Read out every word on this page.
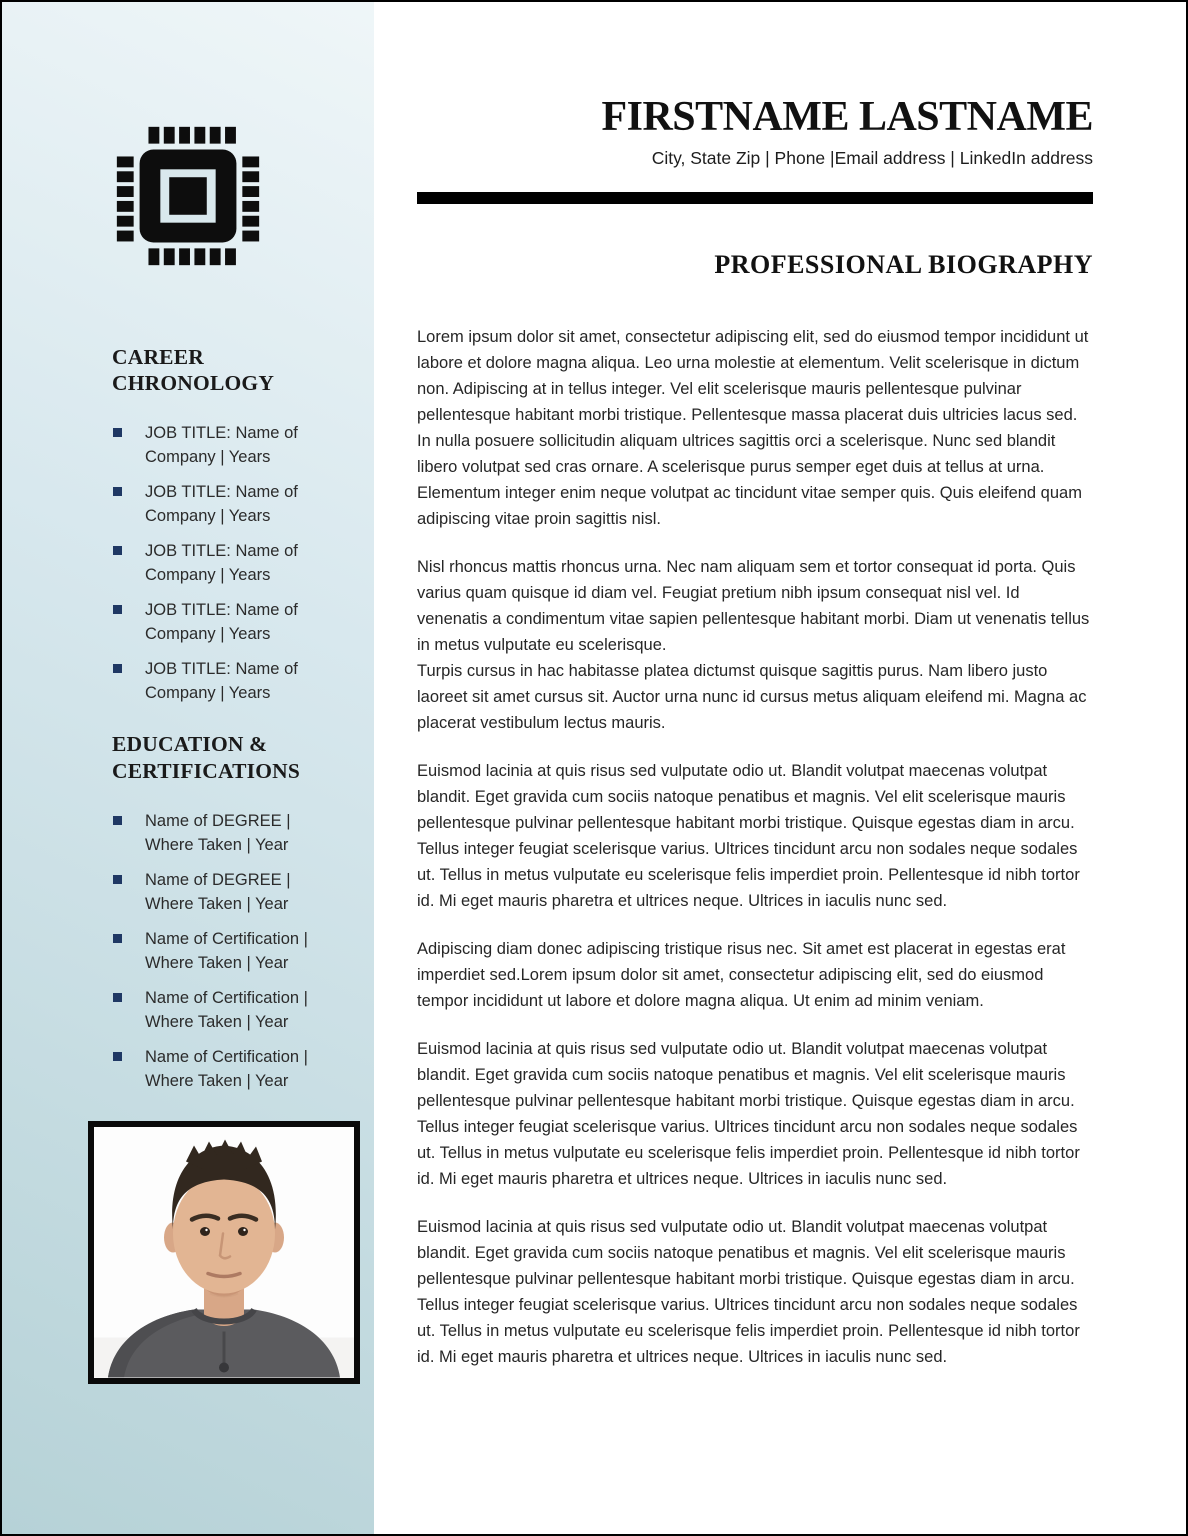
CAREER CHRONOLOGY
JOB TITLE: Name of Company | Years
JOB TITLE: Name of Company | Years
JOB TITLE: Name of Company | Years
JOB TITLE: Name of Company | Years
JOB TITLE: Name of Company | Years
EDUCATION & CERTIFICATIONS
Name of DEGREE | Where Taken | Year
Name of DEGREE | Where Taken | Year
Name of Certification | Where Taken | Year
Name of Certification | Where Taken | Year
Name of Certification | Where Taken | Year
FIRSTNAME LASTNAME
City, State Zip | Phone |Email address | LinkedIn address
PROFESSIONAL BIOGRAPHY

Lorem ipsum dolor sit amet, consectetur adipiscing elit, sed do eiusmod tempor incididunt ut labore et dolore magna aliqua. Leo urna molestie at elementum. Velit scelerisque in dictum non. Adipiscing at in tellus integer. Vel elit scelerisque mauris pellentesque pulvinar pellentesque habitant morbi tristique. Pellentesque massa placerat duis ultricies lacus sed. In nulla posuere sollicitudin aliquam ultrices sagittis orci a scelerisque. Nunc sed blandit libero volutpat sed cras ornare. A scelerisque purus semper eget duis at tellus at urna. Elementum integer enim neque volutpat ac tincidunt vitae semper quis. Quis eleifend quam adipiscing vitae proin sagittis nisl.

Nisl rhoncus mattis rhoncus urna. Nec nam aliquam sem et tortor consequat id porta. Quis varius quam quisque id diam vel. Feugiat pretium nibh ipsum consequat nisl vel. Id venenatis a condimentum vitae sapien pellentesque habitant morbi. Diam ut venenatis tellus in metus vulputate eu scelerisque.
Turpis cursus in hac habitasse platea dictumst quisque sagittis purus. Nam libero justo laoreet sit amet cursus sit. Auctor urna nunc id cursus metus aliquam eleifend mi. Magna ac placerat vestibulum lectus mauris.

Euismod lacinia at quis risus sed vulputate odio ut. Blandit volutpat maecenas volutpat blandit. Eget gravida cum sociis natoque penatibus et magnis. Vel elit scelerisque mauris pellentesque pulvinar pellentesque habitant morbi tristique. Quisque egestas diam in arcu. Tellus integer feugiat scelerisque varius. Ultrices tincidunt arcu non sodales neque sodales ut. Tellus in metus vulputate eu scelerisque felis imperdiet proin. Pellentesque id nibh tortor id. Mi eget mauris pharetra et ultrices neque. Ultrices in iaculis nunc sed.

Adipiscing diam donec adipiscing tristique risus nec. Sit amet est placerat in egestas erat imperdiet sed.Lorem ipsum dolor sit amet, consectetur adipiscing elit, sed do eiusmod tempor incididunt ut labore et dolore magna aliqua. Ut enim ad minim veniam.

Euismod lacinia at quis risus sed vulputate odio ut. Blandit volutpat maecenas volutpat blandit. Eget gravida cum sociis natoque penatibus et magnis. Vel elit scelerisque mauris pellentesque pulvinar pellentesque habitant morbi tristique. Quisque egestas diam in arcu. Tellus integer feugiat scelerisque varius. Ultrices tincidunt arcu non sodales neque sodales ut. Tellus in metus vulputate eu scelerisque felis imperdiet proin. Pellentesque id nibh tortor id. Mi eget mauris pharetra et ultrices neque. Ultrices in iaculis nunc sed.

Euismod lacinia at quis risus sed vulputate odio ut. Blandit volutpat maecenas volutpat blandit. Eget gravida cum sociis natoque penatibus et magnis. Vel elit scelerisque mauris pellentesque pulvinar pellentesque habitant morbi tristique. Quisque egestas diam in arcu. Tellus integer feugiat scelerisque varius. Ultrices tincidunt arcu non sodales neque sodales ut. Tellus in metus vulputate eu scelerisque felis imperdiet proin. Pellentesque id nibh tortor id. Mi eget mauris pharetra et ultrices neque. Ultrices in iaculis nunc sed.
